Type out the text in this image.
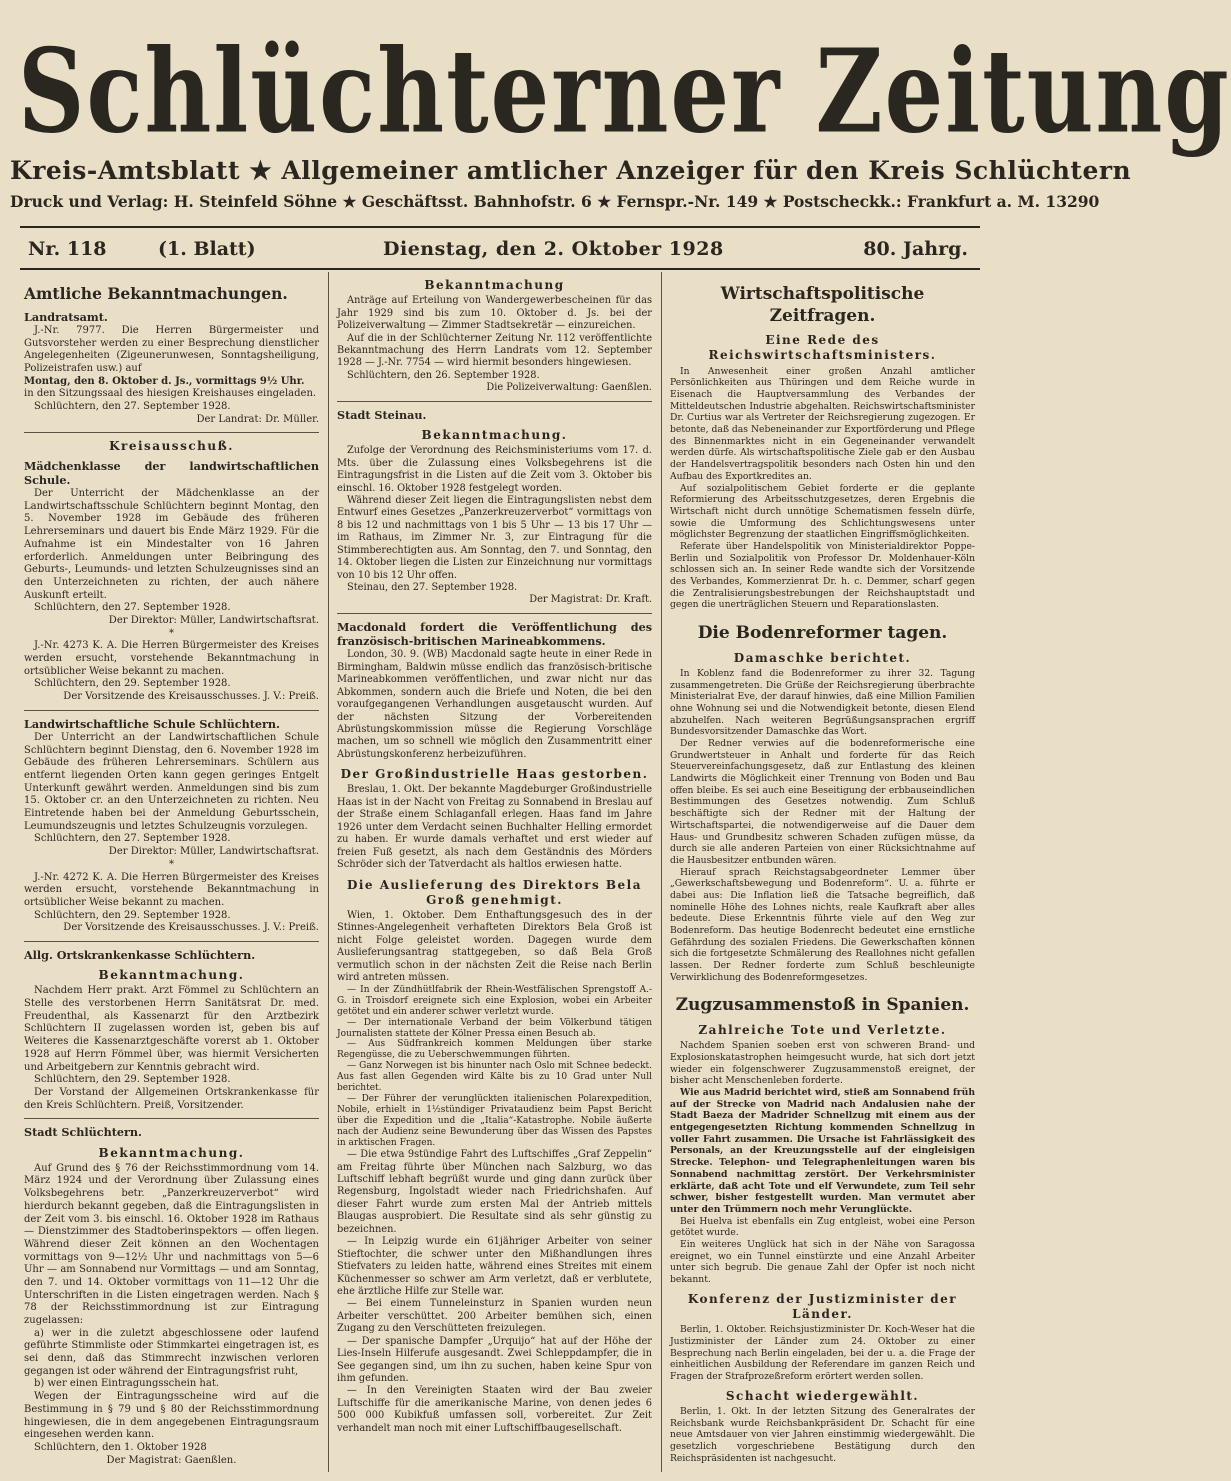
Schlüchterner Zeitung
Kreis-Amtsblatt ★ Allgemeiner amtlicher Anzeiger für den Kreis Schlüchtern
Druck und Verlag: H. Steinfeld Söhne ★ Geschäftsst. Bahnhofstr. 6 ★ Fernspr.-Nr. 149 ★ Postscheckk.: Frankfurt a. M. 13290
Nr. 118	(1. Blatt)	Dienstag, den 2. Oktober 1928	80. Jahrg.
Amtliche Bekanntmachungen.
Landratsamt.

J.-Nr. 7977. Die Herren Bürgermeister und Gutsvorsteher werden zu einer Besprechung dienstlicher Angelegenheiten (Zigeunerunwesen, Sonntagsheiligung, Polizeistrafen usw.) auf

Montag, den 8. Oktober d. Js., vormittags 9½ Uhr.

in den Sitzungssaal des hiesigen Kreishauses eingeladen.

Schlüchtern, den 27. September 1928.

Der Landrat: Dr. Müller.

Kreisausschuß.
Mädchenklasse der landwirtschaftlichen Schule.

Der Unterricht der Mädchenklasse an der Landwirtschaftsschule Schlüchtern beginnt Montag, den 5. November 1928 im Gebäude des früheren Lehrerseminars und dauert bis Ende März 1929. Für die Aufnahme ist ein Mindestalter von 16 Jahren erforderlich. Anmeldungen unter Beibringung des Geburts-, Leumunds- und letzten Schulzeugnisses sind an den Unterzeichneten zu richten, der auch nähere Auskunft erteilt.

Schlüchtern, den 27. September 1928.

Der Direktor: Müller, Landwirtschaftsrat.

*

J.-Nr. 4273 K. A. Die Herren Bürgermeister des Kreises werden ersucht, vorstehende Bekanntmachung in ortsüblicher Weise bekannt zu machen.

Schlüchtern, den 29. September 1928.

Der Vorsitzende des Kreisausschusses. J. V.: Preiß.

Landwirtschaftliche Schule Schlüchtern.

Der Unterricht an der Landwirtschaftlichen Schule Schlüchtern beginnt Dienstag, den 6. November 1928 im Gebäude des früheren Lehrerseminars. Schülern aus entfernt liegenden Orten kann gegen geringes Entgelt Unterkunft gewährt werden. Anmeldungen sind bis zum 15. Oktober cr. an den Unterzeichneten zu richten. Neu Eintretende haben bei der Anmeldung Geburtsschein, Leumundszeugnis und letztes Schulzeugnis vorzulegen.

Schlüchtern, den 27. September 1928.

Der Direktor: Müller, Landwirtschaftsrat.

*

J.-Nr. 4272 K. A. Die Herren Bürgermeister des Kreises werden ersucht, vorstehende Bekanntmachung in ortsüblicher Weise bekannt zu machen.

Schlüchtern, den 29. September 1928.

Der Vorsitzende des Kreisausschusses. J. V.: Preiß.

Allg. Ortskrankenkasse Schlüchtern.
Bekanntmachung.

Nachdem Herr prakt. Arzt Fömmel zu Schlüchtern an Stelle des verstorbenen Herrn Sanitätsrat Dr. med. Freudenthal, als Kassenarzt für den Arztbezirk Schlüchtern II zugelassen worden ist, geben bis auf Weiteres die Kassenarztgeschäfte vorerst ab 1. Oktober 1928 auf Herrn Fömmel über, was hiermit Versicherten und Arbeitgebern zur Kenntnis gebracht wird.

Schlüchtern, den 29. September 1928.

Der Vorstand der Allgemeinen Ortskrankenkasse für den Kreis Schlüchtern. Preiß, Vorsitzender.

Stadt Schlüchtern.
Bekanntmachung.

Auf Grund des § 76 der Reichsstimmordnung vom 14. März 1924 und der Verordnung über Zulassung eines Volksbegehrens betr. „Panzerkreuzerverbot“ wird hierdurch bekannt gegeben, daß die Eintragungslisten in der Zeit vom 3. bis einschl. 16. Oktober 1928 im Rathaus — Dienstzimmer des Stadtoberinspektors — offen liegen. Während dieser Zeit können an den Wochentagen vormittags von 9—12½ Uhr und nachmittags von 5—6 Uhr — am Sonnabend nur Vormittags — und am Sonntag, den 7. und 14. Oktober vormittags von 11—12 Uhr die Unterschriften in die Listen eingetragen werden. Nach § 78 der Reichsstimmordnung ist zur Eintragung zugelassen:

a) wer in die zuletzt abgeschlossene oder laufend geführte Stimmliste oder Stimmkartei eingetragen ist, es sei denn, daß das Stimmrecht inzwischen verloren gegangen ist oder während der Eintragungsfrist ruht,

b) wer einen Eintragungsschein hat.

Wegen der Eintragungsscheine wird auf die Bestimmung in § 79 und § 80 der Reichsstimmordnung hingewiesen, die in dem angegebenen Eintragungsraum eingesehen werden kann.

Schlüchtern, den 1. Oktober 1928

Der Magistrat: Gaenßlen.

Bekanntmachung

Anträge auf Erteilung von Wandergewerbescheinen für das Jahr 1929 sind bis zum 10. Oktober d. Js. bei der Polizeiverwaltung — Zimmer Stadtsekretär — einzureichen.

Auf die in der Schlüchterner Zeitung Nr. 112 veröffentlichte Bekanntmachung des Herrn Landrats vom 12. September 1928 — J.-Nr. 7754 — wird hiermit besonders hingewiesen.

Schlüchtern, den 26. September 1928.

Die Polizeiverwaltung: Gaenßlen.

Stadt Steinau.
Bekanntmachung.

Zufolge der Verordnung des Reichsministeriums vom 17. d. Mts. über die Zulassung eines Volksbegehrens ist die Eintragungsfrist in die Listen auf die Zeit vom 3. Oktober bis einschl. 16. Oktober 1928 festgelegt worden.

Während dieser Zeit liegen die Eintragungslisten nebst dem Entwurf eines Gesetzes „Panzerkreuzerverbot“ vormittags von 8 bis 12 und nachmittags von 1 bis 5 Uhr — 13 bis 17 Uhr — im Rathaus, im Zimmer Nr. 3, zur Eintragung für die Stimmberechtigten aus. Am Sonntag, den 7. und Sonntag, den 14. Oktober liegen die Listen zur Einzeichnung nur vormittags von 10 bis 12 Uhr offen.

Steinau, den 27. September 1928.

Der Magistrat: Dr. Kraft.

Macdonald fordert die Veröffentlichung des französisch-britischen Marineabkommens.

London, 30. 9. (WB) Macdonald sagte heute in einer Rede in Birmingham, Baldwin müsse endlich das französisch-britische Marineabkommen veröffentlichen, und zwar nicht nur das Abkommen, sondern auch die Briefe und Noten, die bei den voraufgegangenen Verhandlungen ausgetauscht wurden. Auf der nächsten Sitzung der Vorbereitenden Abrüstungskommission müsse die Regierung Vorschläge machen, um so schnell wie möglich den Zusammentritt einer Abrüstungskonferenz herbeizuführen.

Der Großindustrielle Haas gestorben.

Breslau, 1. Okt. Der bekannte Magdeburger Großindustrielle Haas ist in der Nacht von Freitag zu Sonnabend in Breslau auf der Straße einem Schlaganfall erlegen. Haas fand im Jahre 1926 unter dem Verdacht seinen Buchhalter Helling ermordet zu haben. Er wurde damals verhaftet und erst wieder auf freien Fuß gesetzt, als nach dem Geständnis des Mörders Schröder sich der Tatverdacht als haltlos erwiesen hatte.

Die Auslieferung des Direktors Bela Groß genehmigt.

Wien, 1. Oktober. Dem Enthaftungsgesuch des in der Stinnes-Angelegenheit verhafteten Direktors Bela Groß ist nicht Folge geleistet worden. Dagegen wurde dem Auslieferungsantrag stattgegeben, so daß Bela Groß vermutlich schon in der nächsten Zeit die Reise nach Berlin wird antreten müssen.

— In der Zündhütlfabrik der Rhein-Westfälischen Sprengstoff A.-G. in Troisdorf ereignete sich eine Explosion, wobei ein Arbeiter getötet und ein anderer schwer verletzt wurde.

— Der internationale Verband der beim Völkerbund tätigen Journalisten stattete der Kölner Pressa einen Besuch ab.

— Aus Südfrankreich kommen Meldungen über starke Regengüsse, die zu Ueberschwemmungen führten.

— Ganz Norwegen ist bis hinunter nach Oslo mit Schnee bedeckt. Aus fast allen Gegenden wird Kälte bis zu 10 Grad unter Null berichtet.

— Der Führer der verunglückten italienischen Polarexpedition, Nobile, erhielt in 1½stündiger Privataudienz beim Papst Bericht über die Expedition und die „Italia“-Katastrophe. Nobile äußerte nach der Audienz seine Bewunderung über das Wissen des Papstes in arktischen Fragen.

— Die etwa 9stündige Fahrt des Luftschiffes „Graf Zeppelin“ am Freitag führte über München nach Salzburg, wo das Luftschiff lebhaft begrüßt wurde und ging dann zurück über Regensburg, Ingolstadt wieder nach Friedrichshafen. Auf dieser Fahrt wurde zum ersten Mal der Antrieb mittels Blaugas ausprobiert. Die Resultate sind als sehr günstig zu bezeichnen.

— In Leipzig wurde ein 61jähriger Arbeiter von seiner Stieftochter, die schwer unter den Mißhandlungen ihres Stiefvaters zu leiden hatte, während eines Streites mit einem Küchenmesser so schwer am Arm verletzt, daß er verblutete, ehe ärztliche Hilfe zur Stelle war.

— Bei einem Tunneleinsturz in Spanien wurden neun Arbeiter verschüttet. 200 Arbeiter bemühen sich, einen Zugang zu den Verschütteten freizulegen.

— Der spanische Dampfer „Urquijo“ hat auf der Höhe der Lies-Inseln Hilferufe ausgesandt. Zwei Schleppdampfer, die in See gegangen sind, um ihn zu suchen, haben keine Spur von ihm gefunden.

— In den Vereinigten Staaten wird der Bau zweier Luftschiffe für die amerikanische Marine, von denen jedes 6 500 000 Kubikfuß umfassen soll, vorbereitet. Zur Zeit verhandelt man noch mit einer Luftschiffbaugesellschaft.

Wirtschaftspolitische Zeitfragen.
Eine Rede des Reichswirtschaftsministers.

In Anwesenheit einer großen Anzahl amtlicher Persönlichkeiten aus Thüringen und dem Reiche wurde in Eisenach die Hauptversammlung des Verbandes der Mitteldeutschen Industrie abgehalten. Reichswirtschaftsminister Dr. Curtius war als Vertreter der Reichsregierung zugezogen. Er betonte, daß das Nebeneinander zur Exportförderung und Pflege des Binnenmarktes nicht in ein Gegeneinander verwandelt werden dürfe. Als wirtschaftspolitische Ziele gab er den Ausbau der Handelsvertragspolitik besonders nach Osten hin und den Aufbau des Exportkredites an.

Auf sozialpolitischem Gebiet forderte er die geplante Reformierung des Arbeitsschutzgesetzes, deren Ergebnis die Wirtschaft nicht durch unnötige Schematismen fesseln dürfe, sowie die Umformung des Schlichtungswesens unter möglichster Begrenzung der staatlichen Eingriffsmöglichkeiten.

Referate über Handelspolitik von Ministerialdirektor Poppe-Berlin und Sozialpolitik von Professor Dr. Moldenhauer-Köln schlossen sich an. In seiner Rede wandte sich der Vorsitzende des Verbandes, Kommerzienrat Dr. h. c. Demmer, scharf gegen die Zentralisierungsbestrebungen der Reichshauptstadt und gegen die unerträglichen Steuern und Reparationslasten.

Die Bodenreformer tagen.
Damaschke berichtet.

In Koblenz fand die Bodenreformer zu ihrer 32. Tagung zusammengetreten. Die Grüße der Reichsregierung überbrachte Ministerialrat Eve, der darauf hinwies, daß eine Million Familien ohne Wohnung sei und die Notwendigkeit betonte, diesen Elend abzuhelfen. Nach weiteren Begrüßungsansprachen ergriff Bundesvorsitzender Damaschke das Wort.

Der Redner verwies auf die bodenreformerische eine Grundwertsteuer in Anhalt und forderte für das Reich Steuervereinfachungsgesetz, daß zur Entlastung des kleinen Landwirts die Möglichkeit einer Trennung von Boden und Bau offen bleibe. Es sei auch eine Beseitigung der erbbauseindlichen Bestimmungen des Gesetzes notwendig. Zum Schluß beschäftigte sich der Redner mit der Haltung der Wirtschaftspartei, die notwendigerweise auf die Dauer dem Haus- und Grundbesitz schweren Schaden zufügen müsse, da durch sie alle anderen Parteien von einer Rücksichtnahme auf die Hausbesitzer entbunden wären.

Hierauf sprach Reichstagsabgeordneter Lemmer über „Gewerkschaftsbewegung und Bodenreform“. U. a. führte er dabei aus: Die Inflation ließ die Tatsache begreiflich, daß nominelle Höhe des Lohnes nichts, reale Kaufkraft aber alles bedeute. Diese Erkenntnis führte viele auf den Weg zur Bodenreform. Das heutige Bodenrecht bedeutet eine ernstliche Gefährdung des sozialen Friedens. Die Gewerkschaften können sich die fortgesetzte Schmälerung des Reallohnes nicht gefallen lassen. Der Redner forderte zum Schluß beschleunigte Verwirklichung des Bodenreformgesetzes.

Zugzusammenstoß in Spanien.
Zahlreiche Tote und Verletzte.

Nachdem Spanien soeben erst von schweren Brand- und Explosionskatastrophen heimgesucht wurde, hat sich dort jetzt wieder ein folgenschwerer Zugzusammenstoß ereignet, der bisher acht Menschenleben forderte.

Wie aus Madrid berichtet wird, stieß am Sonnabend früh auf der Strecke von Madrid nach Andalusien nahe der Stadt Baeza der Madrider Schnellzug mit einem aus der entgegengesetzten Richtung kommenden Schnellzug in voller Fahrt zusammen. Die Ursache ist Fahrlässigkeit des Personals, an der Kreuzungsstelle auf der eingleisigen Strecke. Telephon- und Telegraphenleitungen waren bis Sonnabend nachmittag zerstört. Der Verkehrsminister erklärte, daß acht Tote und elf Verwundete, zum Teil sehr schwer, bisher festgestellt wurden. Man vermutet aber unter den Trümmern noch mehr Verunglückte.

Bei Huelva ist ebenfalls ein Zug entgleist, wobei eine Person getötet wurde.

Ein weiteres Unglück hat sich in der Nähe von Saragossa ereignet, wo ein Tunnel einstürzte und eine Anzahl Arbeiter unter sich begrub. Die genaue Zahl der Opfer ist noch nicht bekannt.

Konferenz der Justizminister der Länder.

Berlin, 1. Oktober. Reichsjustizminister Dr. Koch-Weser hat die Justizminister der Länder zum 24. Oktober zu einer Besprechung nach Berlin eingeladen, bei der u. a. die Frage der einheitlichen Ausbildung der Referendare im ganzen Reich und Fragen der Strafprozeßreform erörtert werden sollen.

Schacht wiedergewählt.

Berlin, 1. Okt. In der letzten Sitzung des Generalrates der Reichsbank wurde Reichsbankpräsident Dr. Schacht für eine neue Amtsdauer von vier Jahren einstimmig wiedergewählt. Die gesetzlich vorgeschriebene Bestätigung durch den Reichspräsidenten ist nachgesucht.
